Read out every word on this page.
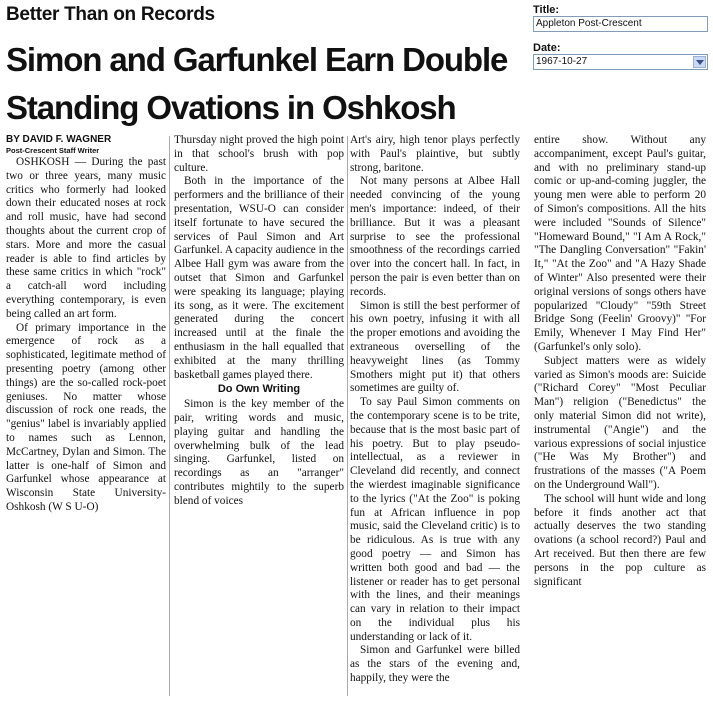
Better Than on Records
Simon and Garfunkel Earn Double
Standing Ovations in Oshkosh
BY DAVID F. WAGNER
Post-Crescent Staff Writer

OSHKOSH — During the past two or three years, many music critics who formerly had looked down their educated noses at rock and roll music, have had second thoughts about the current crop of stars. More and more the casual reader is able to find articles by these same critics in which "rock" a catch-all word including everything contemporary, is even being called an art form.

Of primary importance in the emergence of rock as a sophisticated, legitimate method of presenting poetry (among other things) are the so-called rock-poet geniuses. No matter whose discussion of rock one reads, the "genius" label is invariably applied to names such as Lennon, McCartney, Dylan and Simon. The latter is one-half of Simon and Garfunkel whose appearance at Wisconsin State University-Oshkosh (W S U-O)

Thursday night proved the high point in that school's brush with pop culture.

Both in the importance of the performers and the brilliance of their presentation, WSU-O can consider itself fortunate to have secured the services of Paul Simon and Art Garfunkel. A capacity audience in the Albee Hall gym was aware from the outset that Simon and Garfunkel were speaking its language; playing its song, as it were. The excitement generated during the concert increased until at the finale the enthusiasm in the hall equalled that exhibited at the many thrilling basketball games played there.

Do Own Writing

Simon is the key member of the pair, writing words and music, playing guitar and handling the overwhelming bulk of the lead singing. Garfunkel, listed on recordings as an "arranger" contributes mightily to the superb blend of voices

Art's airy, high tenor plays perfectly with Paul's plaintive, but subtly strong, baritone.

Not many persons at Albee Hall needed convincing of the young men's importance: indeed, of their brilliance. But it was a pleasant surprise to see the professional smoothness of the recordings carried over into the concert hall. In fact, in person the pair is even better than on records.

Simon is still the best performer of his own poetry, infusing it with all the proper emotions and avoiding the extraneous overselling of the heavyweight lines (as Tommy Smothers might put it) that others sometimes are guilty of.

To say Paul Simon comments on the contemporary scene is to be trite, because that is the most basic part of his poetry. But to play pseudo-intellectual, as a reviewer in Cleveland did recently, and connect the wierdest imaginable significance to the lyrics ("At the Zoo" is poking fun at African influence in pop music, said the Cleveland critic) is to be ridiculous. As is true with any good poetry — and Simon has written both good and bad — the listener or reader has to get personal with the lines, and their meanings can vary in relation to their impact on the individual plus his understanding or lack of it.

Simon and Garfunkel were billed as the stars of the evening and, happily, they were the

entire show. Without any accompaniment, except Paul's guitar, and with no preliminary stand-up comic or up-and-coming juggler, the young men were able to perform 20 of Simon's compositions. All the hits were included "Sounds of Silence" "Homeward Bound," "I Am A Rock," "The Dangling Conversation" "Fakin' It," "At the Zoo" and "A Hazy Shade of Winter" Also presented were their original versions of songs others have popularized "Cloudy" "59th Street Bridge Song (Feelin' Groovy)" "For Emily, Whenever I May Find Her" (Garfunkel's only solo).

Subject matters were as widely varied as Simon's moods are: Suicide ("Richard Corey" "Most Peculiar Man") religion ("Benedictus" the only material Simon did not write), instrumental ("Angie") and the various expressions of social injustice ("He Was My Brother") and frustrations of the masses ("A Poem on the Underground Wall").

The school will hunt wide and long before it finds another act that actually deserves the two standing ovations (a school record?) Paul and Art received. But then there are few persons in the pop culture as significant

Title:
Appleton Post-Crescent
Date:
1967-10-27
